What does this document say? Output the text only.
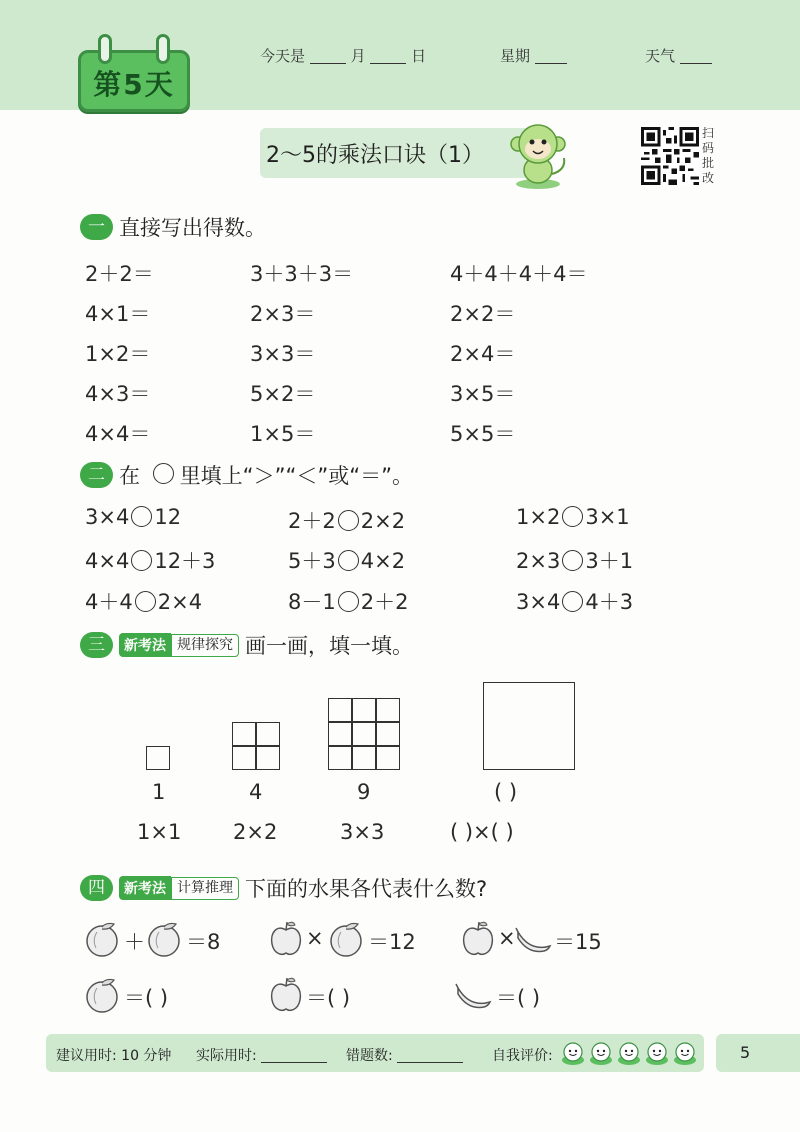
第5天
今天是	月	日	星期	天气
2～5的乘法口诀（1）
扫
码
批
改
一 直接写出得数。
2＋2＝	3＋3＋3＝	4＋4＋4＋4＝
4×1＝	2×3＝	2×2＝
1×2＝	3×3＝	2×4＝
4×3＝	5×2＝	3×5＝
4×4＝	1×5＝	5×5＝
二 在 里填上“＞”“＜”或“＝”。
3×4 12	2＋2 2×2	1×2 3×1
4×4 12＋3	5＋3 4×2	2×3 3＋1
4＋4 2×4	8－1 2＋2	3×4 4＋3
三 新考法 规律探究 画一画，填一填。
1	4	9	( )
1×1 2×2	3×3	( )×( )
四 新考法 计算推理 下面的水果各代表什么数?
＋ ＝8	× ＝12	× ＝15
＝( )	＝( )	＝( )
建议用时: 10 分钟 实际用时:	错题数:	自我评价:	5
